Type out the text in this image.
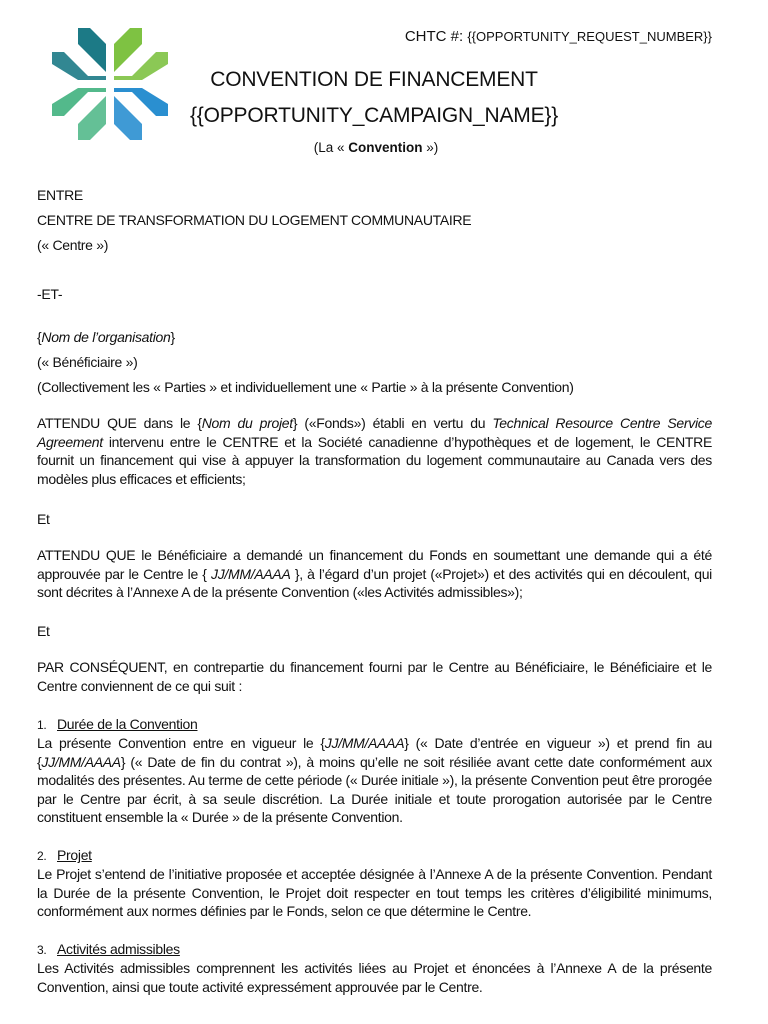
CHTC #: {{OPPORTUNITY_REQUEST_NUMBER}}
CONVENTION DE FINANCEMENT
{{OPPORTUNITY_CAMPAIGN_NAME}}
(La « Convention »)
ENTRE
CENTRE DE TRANSFORMATION DU LOGEMENT COMMUNAUTAIRE
(« Centre »)
-ET-
{Nom de l’organisation}
(« Bénéficiaire »)
(Collectivement les « Parties » et individuellement une « Partie » à la présente Convention)
ATTENDU QUE dans le {Nom du projet} («Fonds») établi en vertu du Technical Resource Centre Service Agreement intervenu entre le CENTRE et la Société canadienne d’hypothèques et de logement, le CENTRE fournit un financement qui vise à appuyer la transformation du logement communautaire au Canada vers des modèles plus efficaces et efficients;
Et
ATTENDU QUE le Bénéficiaire a demandé un financement du Fonds en soumettant une demande qui a été approuvée par le Centre le { JJ/MM/AAAA }, à l’égard d’un projet («Projet») et des activités qui en découlent, qui sont décrites à l’Annexe A de la présente Convention («les Activités admissibles»);
Et
PAR CONSÉQUENT, en contrepartie du financement fourni par le Centre au Bénéficiaire, le Bénéficiaire et le Centre conviennent de ce qui suit :
1. Durée de la Convention
La présente Convention entre en vigueur le {JJ/MM/AAAA} (« Date d’entrée en vigueur ») et prend fin au {JJ/MM/AAAA} (« Date de fin du contrat »), à moins qu’elle ne soit résiliée avant cette date conformément aux modalités des présentes. Au terme de cette période (« Durée initiale »), la présente Convention peut être prorogée par le Centre par écrit, à sa seule discrétion. La Durée initiale et toute prorogation autorisée par le Centre constituent ensemble la « Durée » de la présente Convention.
2. Projet
Le Projet s’entend de l’initiative proposée et acceptée désignée à l’Annexe A de la présente Convention. Pendant la Durée de la présente Convention, le Projet doit respecter en tout temps les critères d’éligibilité minimums, conformément aux normes définies par le Fonds, selon ce que détermine le Centre.
3. Activités admissibles
Les Activités admissibles comprennent les activités liées au Projet et énoncées à l’Annexe A de la présente Convention, ainsi que toute activité expressément approuvée par le Centre.
